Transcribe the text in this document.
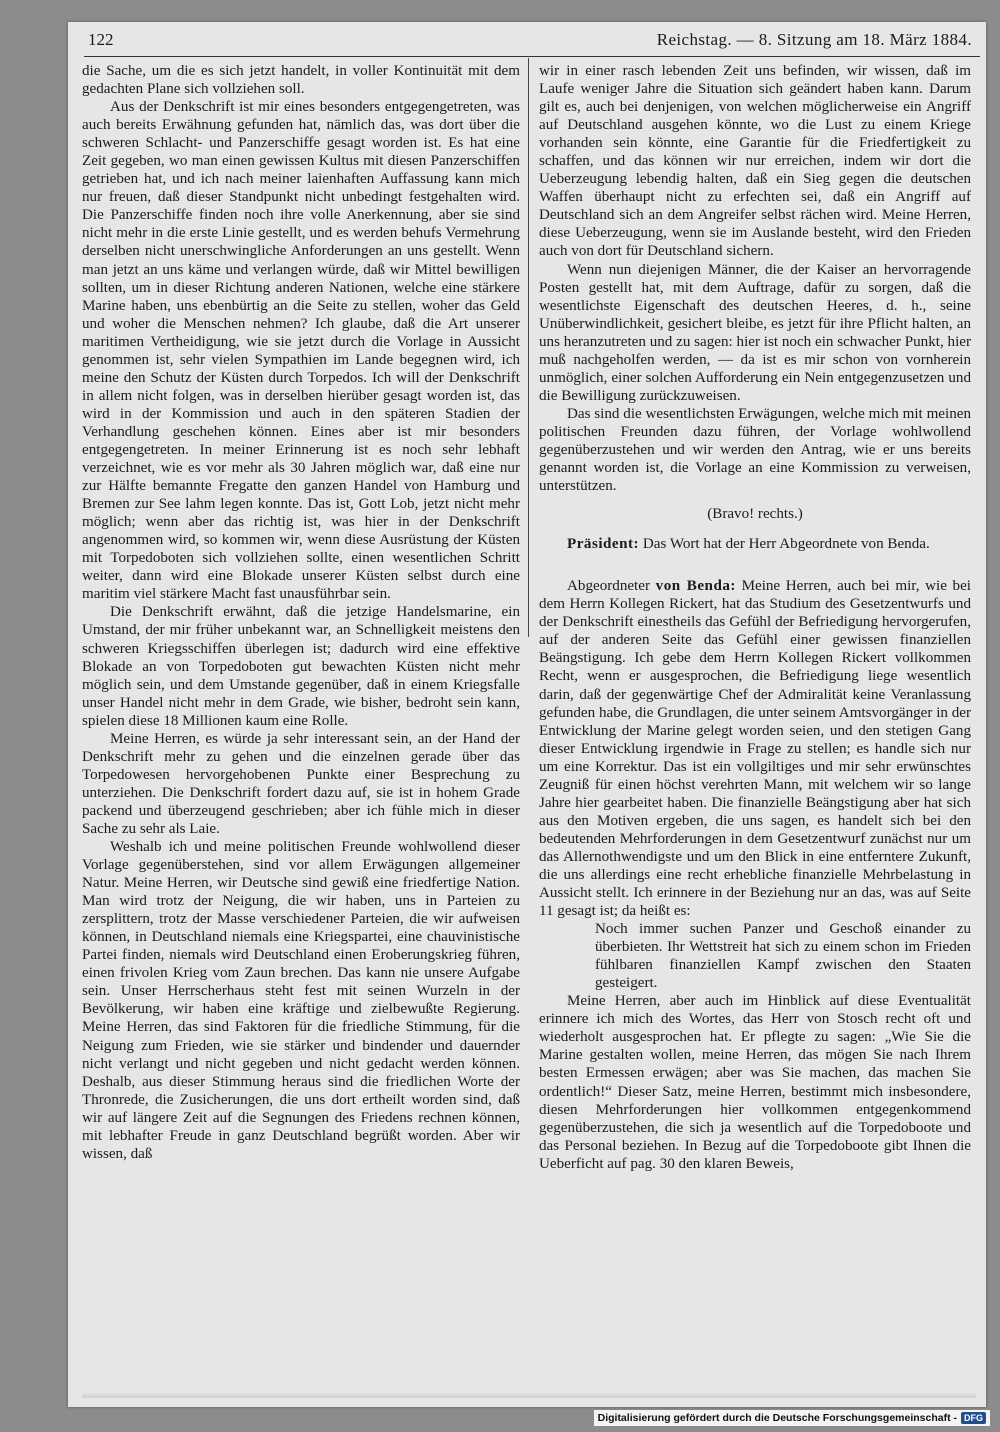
122	Reichstag. — 8. Sitzung am 18. März 1884.

die Sache, um die es sich jetzt handelt, in voller Kontinuität mit dem gedachten Plane sich vollziehen soll.

Aus der Denkschrift ist mir eines besonders entgegengetreten, was auch bereits Erwähnung gefunden hat, nämlich das, was dort über die schweren Schlacht- und Panzerschiffe gesagt worden ist. Es hat eine Zeit gegeben, wo man einen gewissen Kultus mit diesen Panzerschiffen getrieben hat, und ich nach meiner laienhaften Auffassung kann mich nur freuen, daß dieser Standpunkt nicht unbedingt festgehalten wird. Die Panzerschiffe finden noch ihre volle Anerkennung, aber sie sind nicht mehr in die erste Linie gestellt, und es werden behufs Vermehrung derselben nicht unerschwingliche Anforderungen an uns gestellt. Wenn man jetzt an uns käme und verlangen würde, daß wir Mittel bewilligen sollten, um in dieser Richtung anderen Nationen, welche eine stärkere Marine haben, uns ebenbürtig an die Seite zu stellen, woher das Geld und woher die Menschen nehmen? Ich glaube, daß die Art unserer maritimen Vertheidigung, wie sie jetzt durch die Vorlage in Aussicht genommen ist, sehr vielen Sympathien im Lande begegnen wird, ich meine den Schutz der Küsten durch Torpedos. Ich will der Denkschrift in allem nicht folgen, was in derselben hierüber gesagt worden ist, das wird in der Kommission und auch in den späteren Stadien der Verhandlung geschehen können. Eines aber ist mir besonders entgegengetreten. In meiner Erinnerung ist es noch sehr lebhaft verzeichnet, wie es vor mehr als 30 Jahren möglich war, daß eine nur zur Hälfte bemannte Fregatte den ganzen Handel von Hamburg und Bremen zur See lahm legen konnte. Das ist, Gott Lob, jetzt nicht mehr möglich; wenn aber das richtig ist, was hier in der Denkschrift angenommen wird, so kommen wir, wenn diese Ausrüstung der Küsten mit Torpedoboten sich vollziehen sollte, einen wesentlichen Schritt weiter, dann wird eine Blokade unserer Küsten selbst durch eine maritim viel stärkere Macht fast unausführbar sein.

Die Denkschrift erwähnt, daß die jetzige Handelsmarine, ein Umstand, der mir früher unbekannt war, an Schnelligkeit meistens den schweren Kriegsschiffen überlegen ist; dadurch wird eine effektive Blokade an von Torpedoboten gut bewachten Küsten nicht mehr möglich sein, und dem Umstande gegenüber, daß in einem Kriegsfalle unser Handel nicht mehr in dem Grade, wie bisher, bedroht sein kann, spielen diese 18 Millionen kaum eine Rolle.

Meine Herren, es würde ja sehr interessant sein, an der Hand der Denkschrift mehr zu gehen und die einzelnen gerade über das Torpedowesen hervorgehobenen Punkte einer Besprechung zu unterziehen. Die Denkschrift fordert dazu auf, sie ist in hohem Grade packend und überzeugend geschrieben; aber ich fühle mich in dieser Sache zu sehr als Laie.

Weshalb ich und meine politischen Freunde wohlwollend dieser Vorlage gegenüberstehen, sind vor allem Erwägungen allgemeiner Natur. Meine Herren, wir Deutsche sind gewiß eine friedfertige Nation. Man wird trotz der Neigung, die wir haben, uns in Parteien zu zersplittern, trotz der Masse verschiedener Parteien, die wir aufweisen können, in Deutschland niemals eine Kriegspartei, eine chauvinistische Partei finden, niemals wird Deutschland einen Eroberungskrieg führen, einen frivolen Krieg vom Zaun brechen. Das kann nie unsere Aufgabe sein. Unser Herrscherhaus steht fest mit seinen Wurzeln in der Bevölkerung, wir haben eine kräftige und zielbewußte Regierung. Meine Herren, das sind Faktoren für die friedliche Stimmung, für die Neigung zum Frieden, wie sie stärker und bindender und dauernder nicht verlangt und nicht gegeben und nicht gedacht werden können. Deshalb, aus dieser Stimmung heraus sind die friedlichen Worte der Thronrede, die Zusicherungen, die uns dort ertheilt worden sind, daß wir auf längere Zeit auf die Segnungen des Friedens rechnen können, mit lebhafter Freude in ganz Deutschland begrüßt worden. Aber wir wissen, daß

wir in einer rasch lebenden Zeit uns befinden, wir wissen, daß im Laufe weniger Jahre die Situation sich geändert haben kann. Darum gilt es, auch bei denjenigen, von welchen möglicherweise ein Angriff auf Deutschland ausgehen könnte, wo die Lust zu einem Kriege vorhanden sein könnte, eine Garantie für die Friedfertigkeit zu schaffen, und das können wir nur erreichen, indem wir dort die Ueberzeugung lebendig halten, daß ein Sieg gegen die deutschen Waffen überhaupt nicht zu erfechten sei, daß ein Angriff auf Deutschland sich an dem Angreifer selbst rächen wird. Meine Herren, diese Ueberzeugung, wenn sie im Auslande besteht, wird den Frieden auch von dort für Deutschland sichern.

Wenn nun diejenigen Männer, die der Kaiser an hervorragende Posten gestellt hat, mit dem Auftrage, dafür zu sorgen, daß die wesentlichste Eigenschaft des deutschen Heeres, d. h., seine Unüberwindlichkeit, gesichert bleibe, es jetzt für ihre Pflicht halten, an uns heranzutreten und zu sagen: hier ist noch ein schwacher Punkt, hier muß nachgeholfen werden, — da ist es mir schon von vornherein unmöglich, einer solchen Aufforderung ein Nein entgegenzusetzen und die Bewilligung zurückzuweisen.

Das sind die wesentlichsten Erwägungen, welche mich mit meinen politischen Freunden dazu führen, der Vorlage wohlwollend gegenüberzustehen und wir werden den Antrag, wie er uns bereits genannt worden ist, die Vorlage an eine Kommission zu verweisen, unterstützen.

(Bravo! rechts.)

Präsident: Das Wort hat der Herr Abgeordnete von Benda.

Abgeordneter von Benda: Meine Herren, auch bei mir, wie bei dem Herrn Kollegen Rickert, hat das Studium des Gesetzentwurfs und der Denkschrift einestheils das Gefühl der Befriedigung hervorgerufen, auf der anderen Seite das Gefühl einer gewissen finanziellen Beängstigung. Ich gebe dem Herrn Kollegen Rickert vollkommen Recht, wenn er ausgesprochen, die Befriedigung liege wesentlich darin, daß der gegenwärtige Chef der Admiralität keine Veranlassung gefunden habe, die Grundlagen, die unter seinem Amtsvorgänger in der Entwicklung der Marine gelegt worden seien, und den stetigen Gang dieser Entwicklung irgendwie in Frage zu stellen; es handle sich nur um eine Korrektur. Das ist ein vollgiltiges und mir sehr erwünschtes Zeugniß für einen höchst verehrten Mann, mit welchem wir so lange Jahre hier gearbeitet haben. Die finanzielle Beängstigung aber hat sich aus den Motiven ergeben, die uns sagen, es handelt sich bei den bedeutenden Mehrforderungen in dem Gesetzentwurf zunächst nur um das Allernothwendigste und um den Blick in eine entferntere Zukunft, die uns allerdings eine recht erhebliche finanzielle Mehrbelastung in Aussicht stellt. Ich erinnere in der Beziehung nur an das, was auf Seite 11 gesagt ist; da heißt es:

Noch immer suchen Panzer und Geschoß einander zu überbieten. Ihr Wettstreit hat sich zu einem schon im Frieden fühlbaren finanziellen Kampf zwischen den Staaten gesteigert.

Meine Herren, aber auch im Hinblick auf diese Eventualität erinnere ich mich des Wortes, das Herr von Stosch recht oft und wiederholt ausgesprochen hat. Er pflegte zu sagen: „Wie Sie die Marine gestalten wollen, meine Herren, das mögen Sie nach Ihrem besten Ermessen erwägen; aber was Sie machen, das machen Sie ordentlich!“ Dieser Satz, meine Herren, bestimmt mich insbesondere, diesen Mehrforderungen hier vollkommen entgegenkommend gegenüberzustehen, die sich ja wesentlich auf die Torpedoboote und das Personal beziehen. In Bezug auf die Torpedoboote gibt Ihnen die Ueberficht auf pag. 30 den klaren Beweis,

Digitalisierung gefördert durch die Deutsche Forschungsgemeinschaft - DFG
